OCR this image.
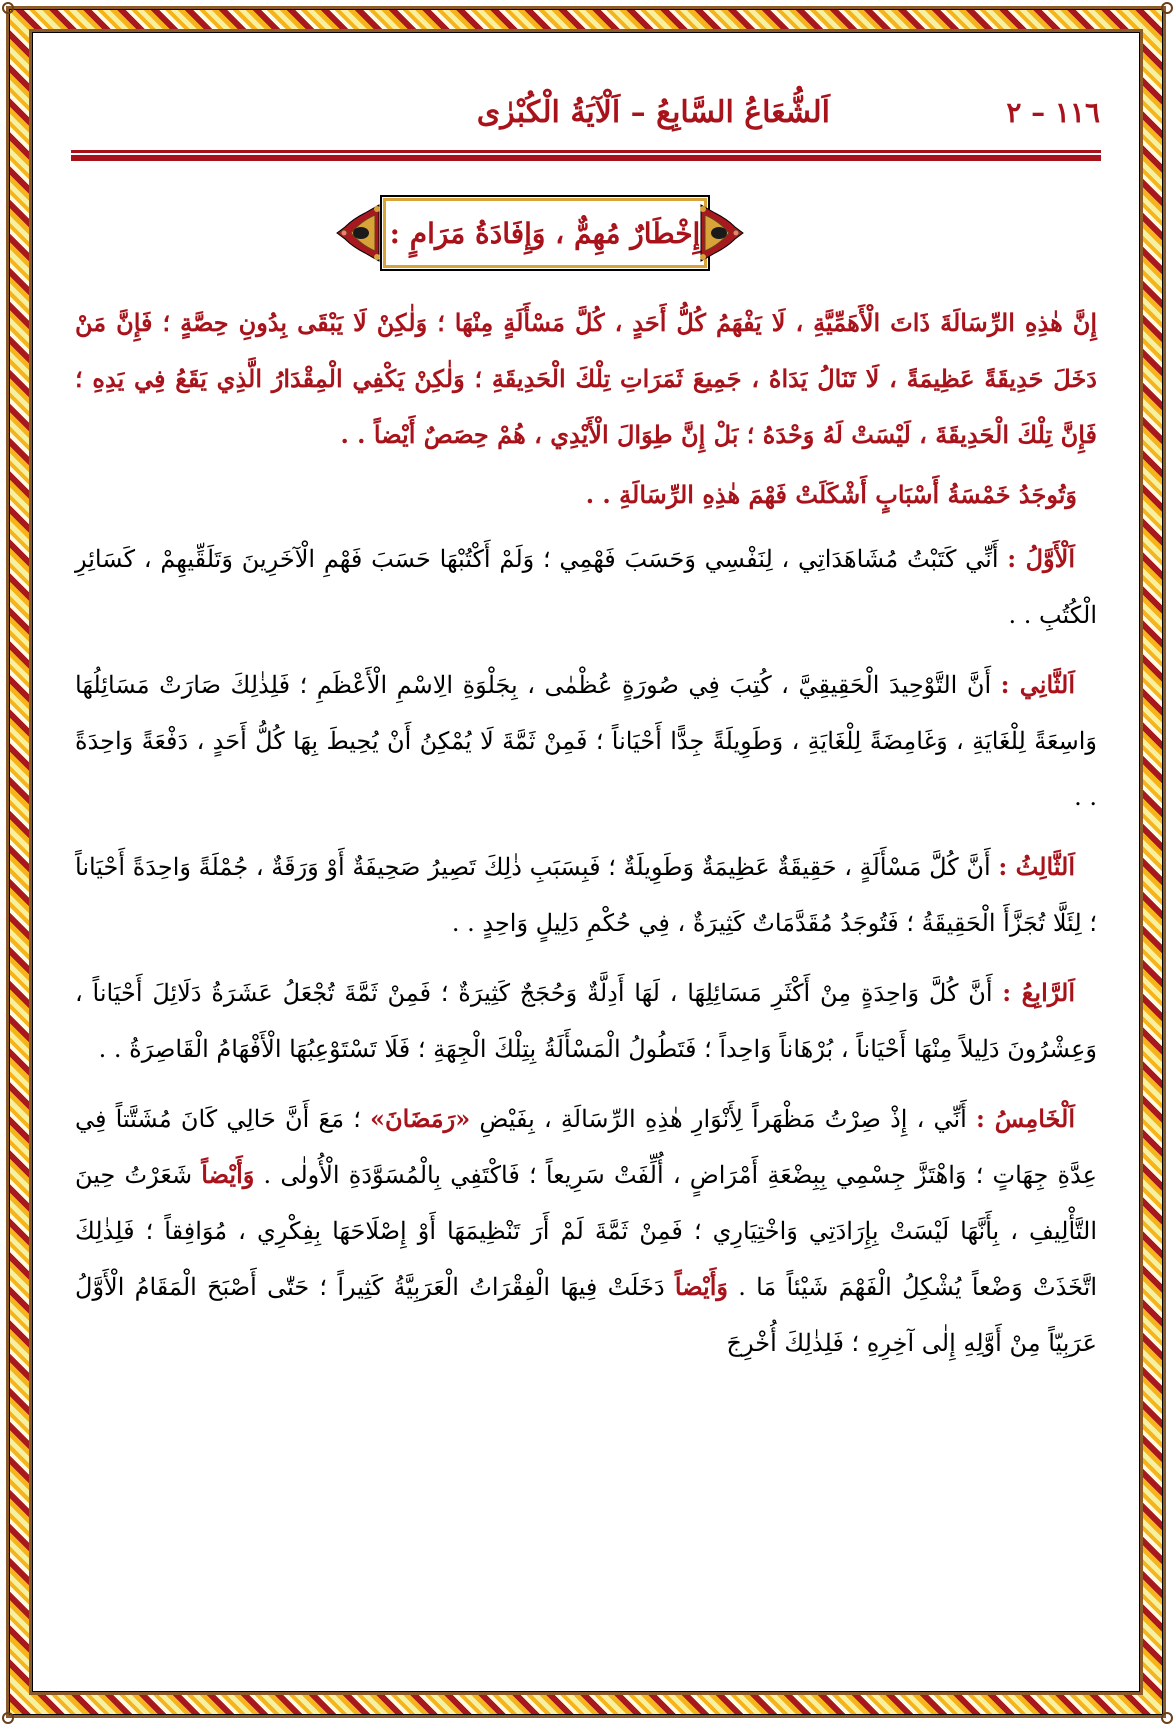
١١٦ – ٢
اَلشُّعَاعُ السَّابِعُ – اَلْآيَةُ الْكُبْرٰى
إِخْطَارٌ مُهِمٌّ ، وَإِفَادَةُ مَرَامٍ :

إِنَّ هٰذِهِ الرِّسَالَةَ ذَاتَ الْأَهَمِّيَّةِ ، لَا يَفْهَمُ كُلُّ أَحَدٍ ، كُلَّ مَسْأَلَةٍ مِنْهَا ؛ وَلٰكِنْ لَا يَبْقَى بِدُونِ حِصَّةٍ ؛ فَإِنَّ مَنْ دَخَلَ حَدِيقَةً عَظِيمَةً ، لَا تَنَالُ يَدَاهُ ، جَمِيعَ ثَمَرَاتِ تِلْكَ الْحَدِيقَةِ ؛ وَلٰكِنْ يَكْفِي الْمِقْدَارُ الَّذِي يَقَعُ فِي يَدِهِ ؛ فَإِنَّ تِلْكَ الْحَدِيقَةَ ، لَيْسَتْ لَهُ وَحْدَهُ ؛ بَلْ إِنَّ طِوَالَ الْأَيْدِي ، هُمْ حِصَصٌ أَيْضاً . .

وَتُوجَدُ خَمْسَةُ أَسْبَابٍ أَشْكَلَتْ فَهْمَ هٰذِهِ الرِّسَالَةِ . .

اَلْأَوَّلُ : أَنِّي كَتَبْتُ مُشَاهَدَاتِي ، لِنَفْسِي وَحَسَبَ فَهْمِي ؛ وَلَمْ أَكْتُبْهَا حَسَبَ فَهْمِ الْآخَرِينَ وَتَلَقِّيهِمْ ، كَسَائِرِ الْكُتُبِ . .

اَلثَّانِي : أَنَّ التَّوْحِيدَ الْحَقِيقِيَّ ، كُتِبَ فِي صُورَةٍ عُظْمٰى ، بِجَلْوَةِ الِاسْمِ الْأَعْظَمِ ؛ فَلِذٰلِكَ صَارَتْ مَسَائِلُهَا وَاسِعَةً لِلْغَايَةِ ، وَغَامِضَةً لِلْغَايَةِ ، وَطَوِيلَةً جِدًّا أَحْيَاناً ؛ فَمِنْ ثَمَّةَ لَا يُمْكِنُ أَنْ يُحِيطَ بِهَا كُلُّ أَحَدٍ ، دَفْعَةً وَاحِدَةً . .

اَلثَّالِثُ : أَنَّ كُلَّ مَسْأَلَةٍ ، حَقِيقَةٌ عَظِيمَةٌ وَطَوِيلَةٌ ؛ فَبِسَبَبِ ذٰلِكَ تَصِيرُ صَحِيفَةٌ أَوْ وَرَقَةٌ ، جُمْلَةً وَاحِدَةً أَحْيَاناً ؛ لِئَلَّا تُجَزَّأَ الْحَقِيقَةُ ؛ فَتُوجَدُ مُقَدَّمَاتٌ كَثِيرَةٌ ، فِي حُكْمِ دَلِيلٍ وَاحِدٍ . .

اَلرَّابِعُ : أَنَّ كُلَّ وَاحِدَةٍ مِنْ أَكْثَرِ مَسَائِلِهَا ، لَهَا أَدِلَّةٌ وَحُجَجٌ كَثِيرَةٌ ؛ فَمِنْ ثَمَّةَ تُجْعَلُ عَشَرَةُ دَلَائِلَ أَحْيَاناً ، وَعِشْرُونَ دَلِيلاً مِنْهَا أَحْيَاناً ، بُرْهَاناً وَاحِداً ؛ فَتَطُولُ الْمَسْأَلَةُ بِتِلْكَ الْجِهَةِ ؛ فَلَا تَسْتَوْعِبُهَا الْأَفْهَامُ الْقَاصِرَةُ . .

اَلْخَامِسُ : أَنِّي ، إِذْ صِرْتُ مَظْهَراً لِأَنْوَارِ هٰذِهِ الرِّسَالَةِ ، بِفَيْضِ «رَمَضَانَ» ؛ مَعَ أَنَّ حَالِي كَانَ مُشَتَّتاً فِي عِدَّةِ جِهَاتٍ ؛ وَاهْتَزَّ جِسْمِي بِبِضْعَةِ أَمْرَاضٍ ، أُلِّفَتْ سَرِيعاً ؛ فَاكْتَفِي بِالْمُسَوَّدَةِ الْأُولٰى . وَأَيْضاً شَعَرْتُ حِينَ التَّأْلِيفِ ، بِأَنَّهَا لَيْسَتْ بِإِرَادَتِي وَاخْتِيَارِي ؛ فَمِنْ ثَمَّةَ لَمْ أَرَ تَنْظِيمَهَا أَوْ إِصْلَاحَهَا بِفِكْرِي ، مُوَافِقاً ؛ فَلِذٰلِكَ اتَّخَذَتْ وَضْعاً يُشْكِلُ الْفَهْمَ شَيْئاً مَا . وَأَيْضاً دَخَلَتْ فِيهَا الْفِقْرَاتُ الْعَرَبِيَّةُ كَثِيراً ؛ حَتّٰى أَصْبَحَ الْمَقَامُ الْأَوَّلُ عَرَبِيّاً مِنْ أَوَّلِهِ إِلٰى آخِرِهِ ؛ فَلِذٰلِكَ أُخْرِجَ
